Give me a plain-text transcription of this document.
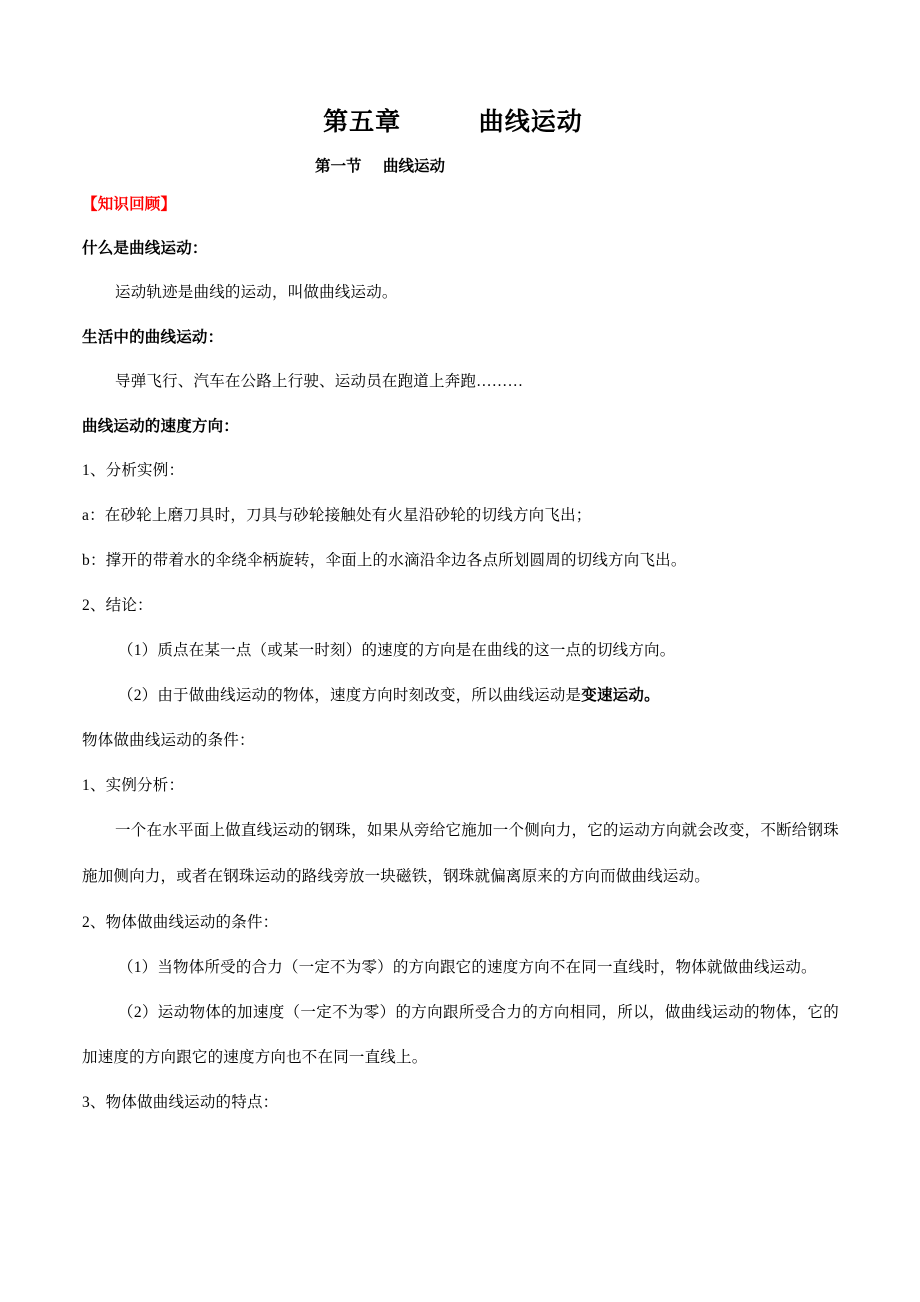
第五章        曲线运动
第一节    曲线运动

【知识回顾】

什么是曲线运动：

运动轨迹是曲线的运动，叫做曲线运动。

生活中的曲线运动：

导弹飞行、汽车在公路上行驶、运动员在跑道上奔跑………

曲线运动的速度方向：

1、分析实例：

a：在砂轮上磨刀具时，刀具与砂轮接触处有火星沿砂轮的切线方向飞出；

b：撑开的带着水的伞绕伞柄旋转，伞面上的水滴沿伞边各点所划圆周的切线方向飞出。

2、结论：

（1）质点在某一点（或某一时刻）的速度的方向是在曲线的这一点的切线方向。

（2）由于做曲线运动的物体，速度方向时刻改变，所以曲线运动是变速运动。

物体做曲线运动的条件：

1、实例分析：

一个在水平面上做直线运动的钢珠，如果从旁给它施加一个侧向力，它的运动方向就会改变，不断给钢珠施加侧向力，或者在钢珠运动的路线旁放一块磁铁，钢珠就偏离原来的方向而做曲线运动。

2、物体做曲线运动的条件：

（1）当物体所受的合力（一定不为零）的方向跟它的速度方向不在同一直线时，物体就做曲线运动。

（2）运动物体的加速度（一定不为零）的方向跟所受合力的方向相同，所以，做曲线运动的物体，它的加速度的方向跟它的速度方向也不在同一直线上。

3、物体做曲线运动的特点：
